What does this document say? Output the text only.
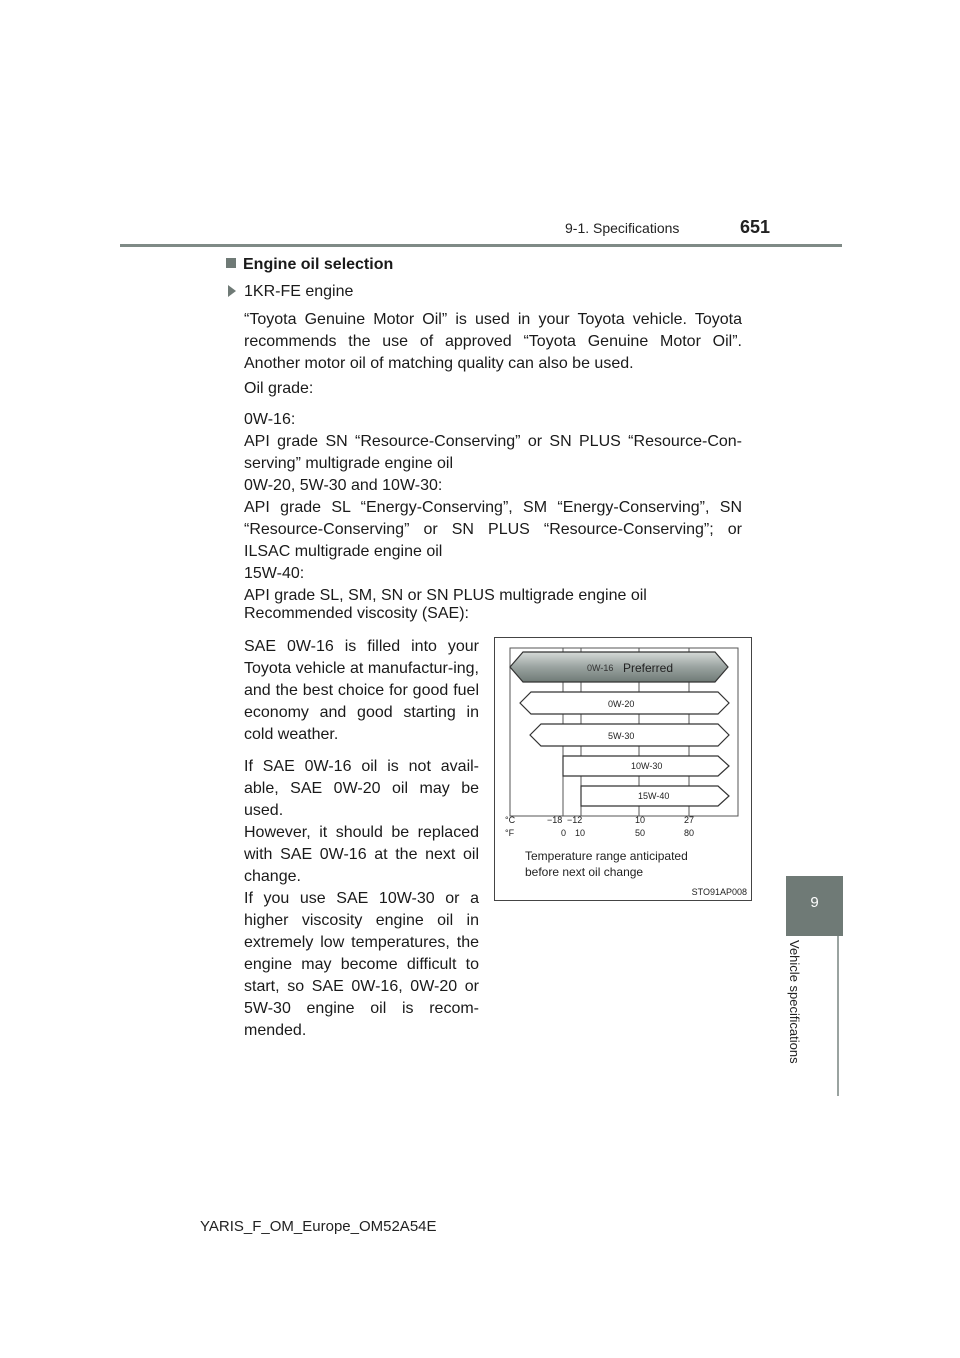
9-1. Specifications	651
9
Vehicle specifications
Engine oil selection
1KR-FE engine
“Toyota Genuine Motor Oil” is used in your Toyota vehicle. Toyota recommends the use of approved “Toyota Genuine Motor Oil”. Another motor oil of matching quality can also be used.
Oil grade:
0W-16:
API grade SN “Resource-Conserving” or SN PLUS “Resource-Con-serving” multigrade engine oil
0W-20, 5W-30 and 10W-30:
API grade SL “Energy-Conserving”, SM “Energy-Conserving”, SN “Resource-Conserving” or SN PLUS “Resource-Conserving”; or ILSAC multigrade engine oil
15W-40:
API grade SL, SM, SN or SN PLUS multigrade engine oil
Recommended viscosity (SAE):

SAE 0W-16 is filled into your Toyota vehicle at manufactur-ing, and the best choice for good fuel economy and good starting in cold weather.

If SAE 0W-16 oil is not avail-able, SAE 0W-20 oil may be used.

However, it should be replaced with SAE 0W-16 at the next oil change.

If you use SAE 10W-30 or a higher viscosity engine oil in extremely low temperatures, the engine may become difficult to start, so SAE 0W-16, 0W-20 or 5W-30 engine oil is recom-mended.

0W-16 Preferred
0W-20
5W-30
10W-30
15W-40
°C
°F
−18 −12	10	27
0 10	50	80
Temperature range anticipated
before next oil change
STO91AP008
YARIS_F_OM_Europe_OM52A54E
